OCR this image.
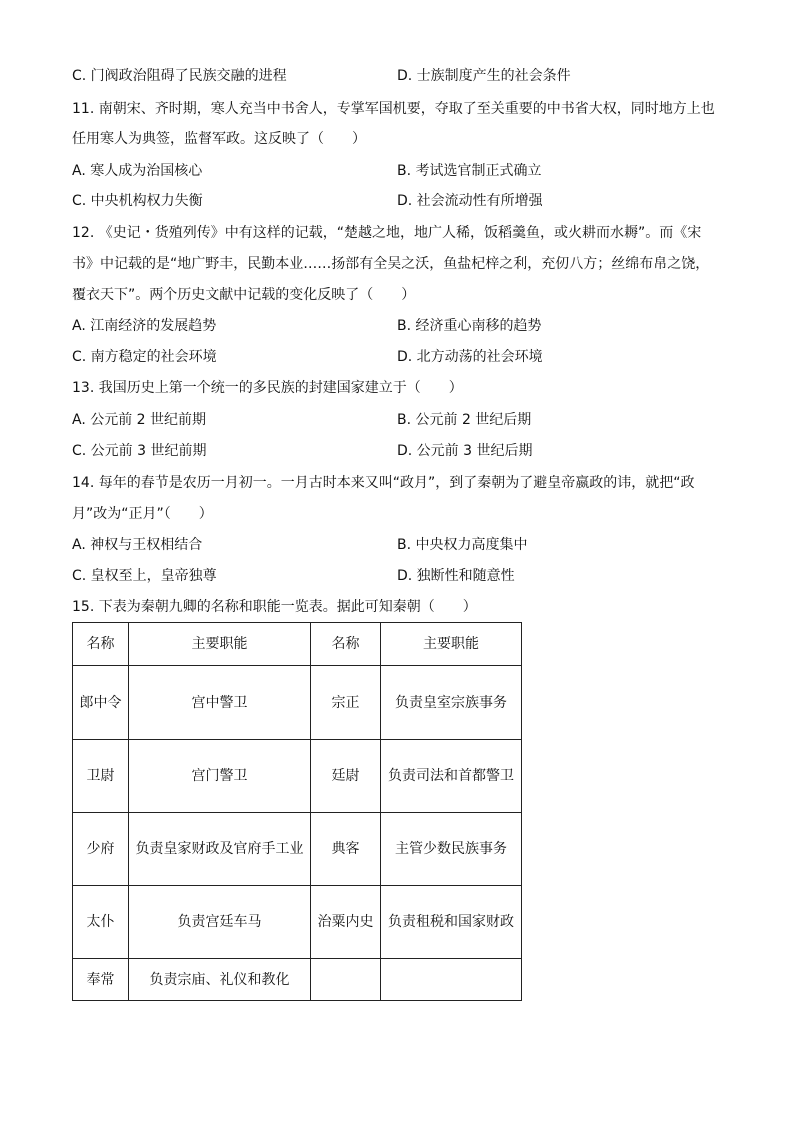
C. 门阀政治阻碍了民族交融的进程	D. 士族制度产生的社会条件
11. 南朝宋、齐时期，寒人充当中书舍人，专掌军国机要，夺取了至关重要的中书省大权，同时地方上也
任用寒人为典签，监督军政。这反映了（　　）
A. 寒人成为治国核心	B. 考试选官制正式确立
C. 中央机构权力失衡	D. 社会流动性有所增强
12. 《史记・货殖列传》中有这样的记载，“楚越之地，地广人稀，饭稻羹鱼，或火耕而水耨”。而《宋
书》中记载的是“地广野丰，民勤本业……扬部有全吴之沃，鱼盐杞梓之利，充仞八方；丝绵布帛之饶，
覆衣天下”。两个历史文献中记载的变化反映了（　　）
A. 江南经济的发展趋势	B. 经济重心南移的趋势
C. 南方稳定的社会环境	D. 北方动荡的社会环境
13. 我国历史上第一个统一的多民族的封建国家建立于（　　）
A. 公元前 2 世纪前期	B. 公元前 2 世纪后期
C. 公元前 3 世纪前期	D. 公元前 3 世纪后期
14. 每年的春节是农历一月初一。一月古时本来又叫“政月”，到了秦朝为了避皇帝嬴政的讳，就把“政
月”改为“正月”（　　）
A. 神权与王权相结合	B. 中央权力高度集中
C. 皇权至上，皇帝独尊	D. 独断性和随意性
15. 下表为秦朝九卿的名称和职能一览表。据此可知秦朝（　　）
名称	主要职能	名称	主要职能
郎中令	宫中警卫	宗正	负责皇室宗族事务
卫尉	宫门警卫	廷尉	负责司法和首都警卫
少府	负责皇家财政及官府手工业	典客	主管少数民族事务
太仆	负责宫廷车马	治粟内史	负责租税和国家财政
奉常	负责宗庙、礼仪和教化		
